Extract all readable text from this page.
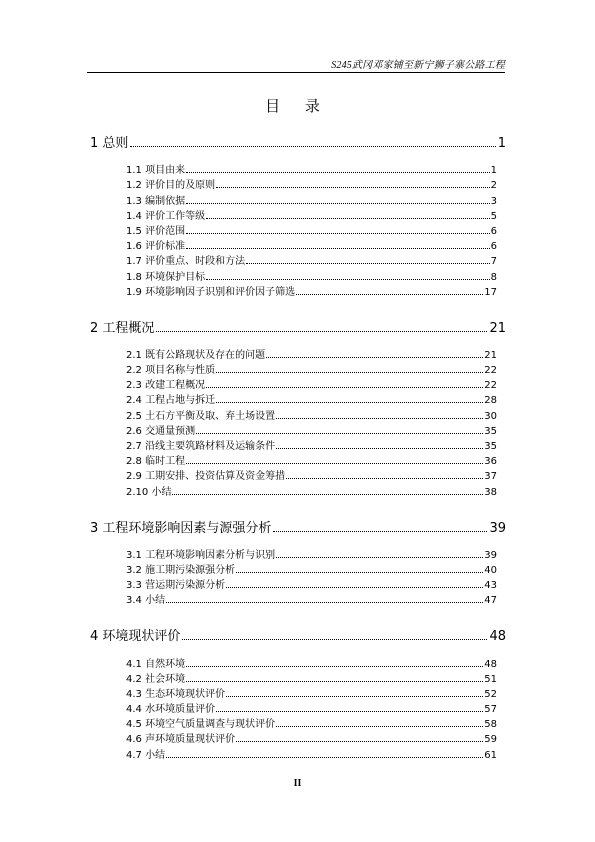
S245武冈邓家铺至新宁狮子寨公路工程
目 录
1 总则	1
1.1 项目由来	1
1.2 评价目的及原则	2
1.3 编制依据	3
1.4 评价工作等级	5
1.5 评价范围	6
1.6 评价标准	6
1.7 评价重点、时段和方法	7
1.8 环境保护目标	8
1.9 环境影响因子识别和评价因子筛选	17
2 工程概况	21
2.1 既有公路现状及存在的问题	21
2.2 项目名称与性质	22
2.3 改建工程概况	22
2.4 工程占地与拆迁	28
2.5 土石方平衡及取、弃土场设置	30
2.6 交通量预测	35
2.7 沿线主要筑路材料及运输条件	35
2.8 临时工程	36
2.9 工期安排、投资估算及资金筹措	37
2.10 小结	38
3 工程环境影响因素与源强分析	39
3.1 工程环境影响因素分析与识别	39
3.2 施工期污染源强分析	40
3.3 营运期污染源分析	43
3.4 小结	47
4 环境现状评价	48
4.1 自然环境	48
4.2 社会环境	51
4.3 生态环境现状评价	52
4.4 水环境质量评价	57
4.5 环境空气质量调查与现状评价	58
4.6 声环境质量现状评价	59
4.7 小结	61
II
